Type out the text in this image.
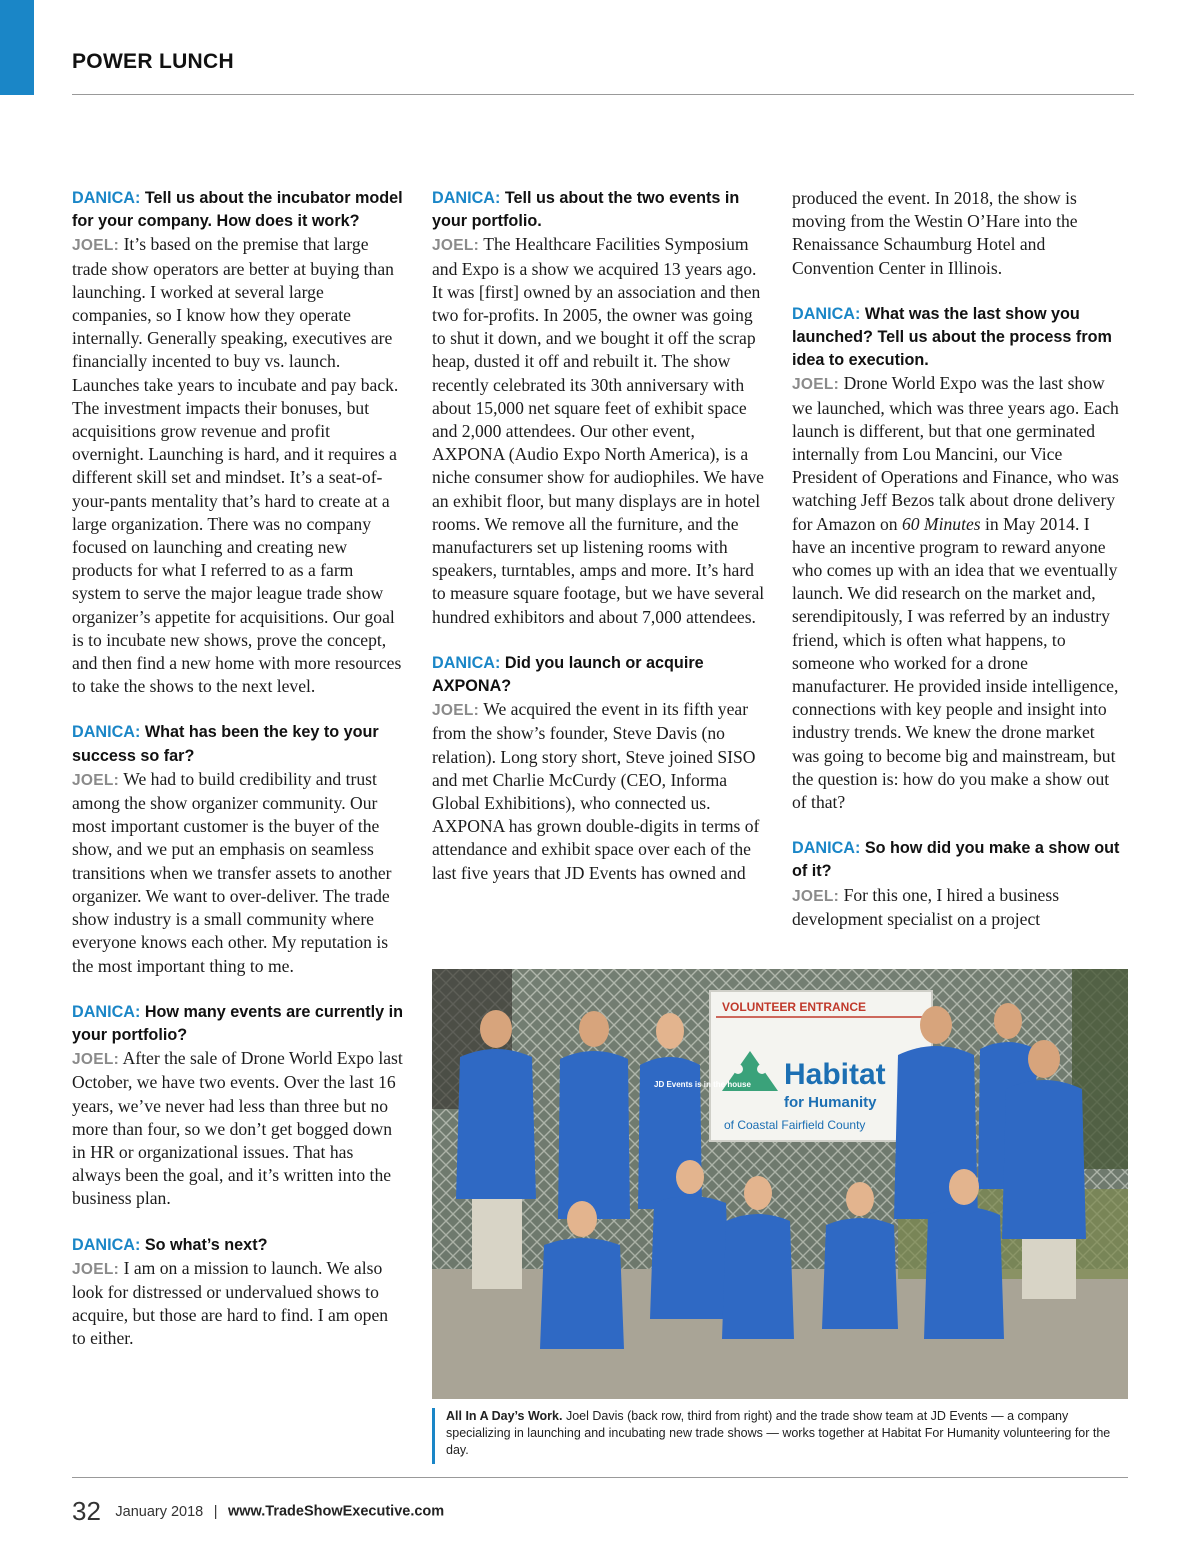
POWER LUNCH
DANICA: Tell us about the incubator model for your company. How does it work?
JOEL: It’s based on the premise that large trade show operators are better at buying than launching. I worked at several large companies, so I know how they operate internally. Generally speaking, executives are financially incented to buy vs. launch. Launches take years to incubate and pay back. The investment impacts their bonuses, but acquisitions grow revenue and profit overnight. Launching is hard, and it requires a different skill set and mindset. It’s a seat-of-your-pants mentality that’s hard to create at a large organization. There was no company focused on launching and creating new products for what I referred to as a farm system to serve the major league trade show organizer’s appetite for acquisitions. Our goal is to incubate new shows, prove the concept, and then find a new home with more resources to take the shows to the next level.
DANICA: What has been the key to your success so far?
JOEL: We had to build credibility and trust among the show organizer community. Our most important customer is the buyer of the show, and we put an emphasis on seamless transitions when we transfer assets to another organizer. We want to over-deliver. The trade show industry is a small community where everyone knows each other. My reputation is the most important thing to me.
DANICA: How many events are currently in your portfolio?
JOEL: After the sale of Drone World Expo last October, we have two events. Over the last 16 years, we’ve never had less than three but no more than four, so we don’t get bogged down in HR or organizational issues. That has always been the goal, and it’s written into the business plan.
DANICA: So what’s next?
JOEL: I am on a mission to launch. We also look for distressed or undervalued shows to acquire, but those are hard to find. I am open to either.
DANICA: Tell us about the two events in your portfolio.
JOEL: The Healthcare Facilities Symposium and Expo is a show we acquired 13 years ago. It was [first] owned by an association and then two for-profits. In 2005, the owner was going to shut it down, and we bought it off the scrap heap, dusted it off and rebuilt it. The show recently celebrated its 30th anniversary with about 15,000 net square feet of exhibit space and 2,000 attendees. Our other event, AXPONA (Audio Expo North America), is a niche consumer show for audiophiles. We have an exhibit floor, but many displays are in hotel rooms. We remove all the furniture, and the manufacturers set up listening rooms with speakers, turntables, amps and more. It’s hard to measure square footage, but we have several hundred exhibitors and about 7,000 attendees.
DANICA: Did you launch or acquire AXPONA?
JOEL: We acquired the event in its fifth year from the show’s founder, Steve Davis (no relation). Long story short, Steve joined SISO and met Charlie McCurdy (CEO, Informa Global Exhibitions), who connected us. AXPONA has grown double-digits in terms of attendance and exhibit space over each of the last five years that JD Events has owned and
produced the event. In 2018, the show is moving from the Westin O’Hare into the Renaissance Schaumburg Hotel and Convention Center in Illinois.
DANICA: What was the last show you launched? Tell us about the process from idea to execution.
JOEL: Drone World Expo was the last show we launched, which was three years ago. Each launch is different, but that one germinated internally from Lou Mancini, our Vice President of Operations and Finance, who was watching Jeff Bezos talk about drone delivery for Amazon on 60 Minutes in May 2014. I have an incentive program to reward anyone who comes up with an idea that we eventually launch. We did research on the market and, serendipitously, I was referred by an industry friend, which is often what happens, to someone who worked for a drone manufacturer. He provided inside intelligence, connections with key people and insight into industry trends. We knew the drone market was going to become big and mainstream, but the question is: how do you make a show out of that?
DANICA: So how did you make a show out of it?
JOEL: For this one, I hired a business development specialist on a project
VOLUNTEER ENTRANCE
Habitat
for Humanity
of Coastal Fairfield County
JD Events is in the house
All In A Day’s Work. Joel Davis (back row, third from right) and the trade show team at JD Events — a company specializing in launching and incubating new trade shows — works together at Habitat For Humanity volunteering for the day.
32 January 2018 | www.TradeShowExecutive.com
